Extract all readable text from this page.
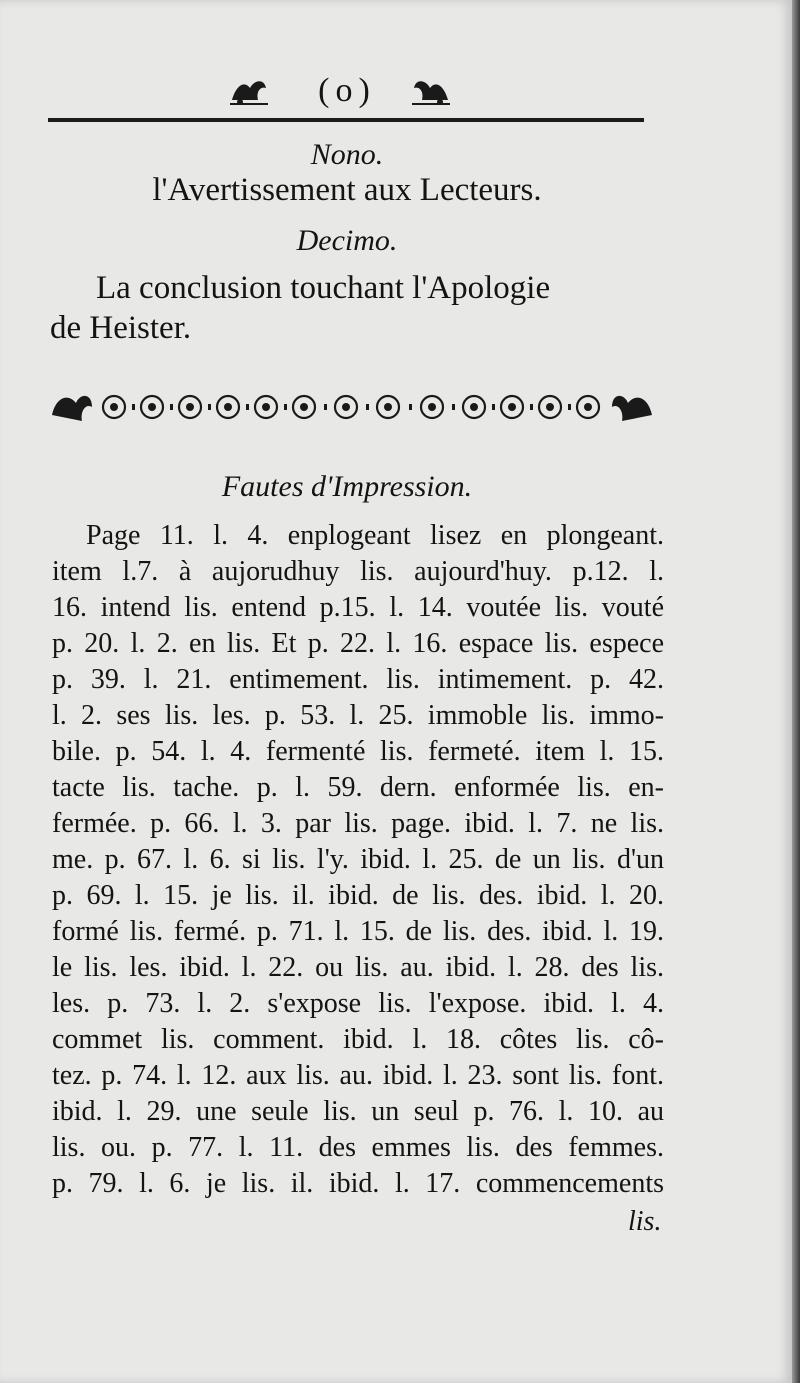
(o)
Nono.
l'Avertissement aux Lecteurs.
Decimo.
La conclusion touchant l'Apologie
de Heister.
Fautes d'Impression.
Page 11. l. 4. enplogeant lisez en plongeant.
item l.7. à aujorudhuy lis. aujourd'huy. p.12. l.
16. intend lis. entend p.15. l. 14. voutée lis. vouté
p. 20. l. 2. en lis. Et p. 22. l. 16. espace lis. espece
p. 39. l. 21. entimement. lis. intimement. p. 42.
l. 2. ses lis. les. p. 53. l. 25. immoble lis. immo-
bile. p. 54. l. 4. fermenté lis. fermeté. item l. 15.
tacte lis. tache. p. l. 59. dern. enformée lis. en-
fermée. p. 66. l. 3. par lis. page. ibid. l. 7. ne lis.
me. p. 67. l. 6. si lis. l'y. ibid. l. 25. de un lis. d'un
p. 69. l. 15. je lis. il. ibid. de lis. des. ibid. l. 20.
formé lis. fermé. p. 71. l. 15. de lis. des. ibid. l. 19.
le lis. les. ibid. l. 22. ou lis. au. ibid. l. 28. des lis.
les. p. 73. l. 2. s'expose lis. l'expose. ibid. l. 4.
commet lis. comment. ibid. l. 18. côtes lis. cô-
tez. p. 74. l. 12. aux lis. au. ibid. l. 23. sont lis. font.
ibid. l. 29. une seule lis. un seul p. 76. l. 10. au
lis. ou. p. 77. l. 11. des emmes lis. des femmes.
p. 79. l. 6. je lis. il. ibid. l. 17. commencements
lis.
